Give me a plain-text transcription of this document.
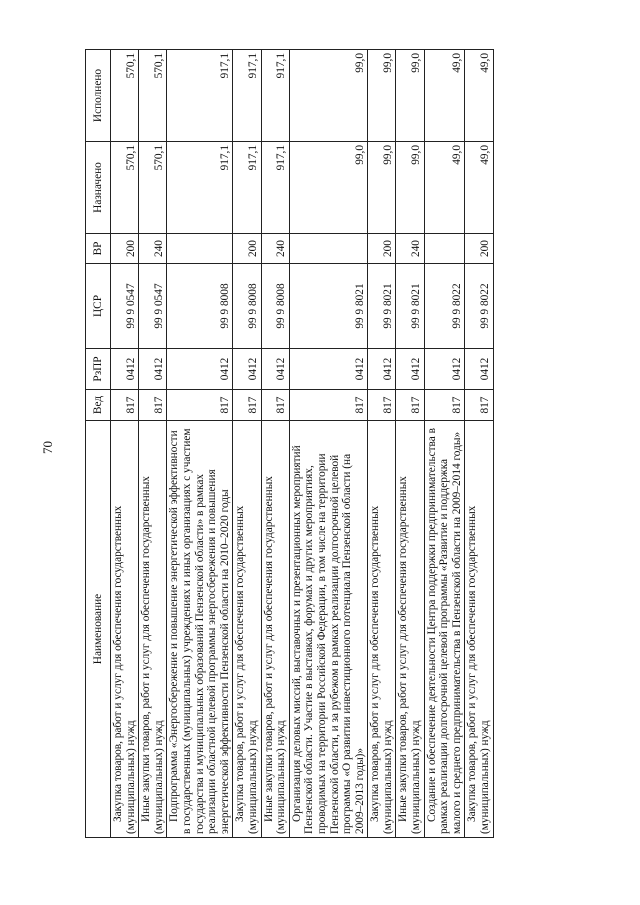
70
Наименование	Вед	РзПР	ЦСР	ВР	Назначено	Исполнено

Закупка товаров, работ и услуг для обеспечения государственных (муниципальных) нужд	817	0412	99 9 0547	200	570,1	570,1

Иные закупки товаров, работ и услуг для обеспечения государственных (муниципальных) нужд	817	0412	99 9 0547	240	570,1	570,1

Подпрограмма «Энергосбережение и повышение энергетической эффективности в государственных (муниципальных) учреждениях и иных организациях с участием государства и муниципальных образований Пензенской области» в рамках реализации областной целевой программы энергосбережения и повышения энергетической эффективности Пензенской области на 2010–2020 годы	817	0412	99 9 8008		917,1	917,1

Закупка товаров, работ и услуг для обеспечения государственных (муниципальных) нужд	817	0412	99 9 8008	200	917,1	917,1

Иные закупки товаров, работ и услуг для обеспечения государственных (муниципальных) нужд	817	0412	99 9 8008	240	917,1	917,1

Организация деловых миссий, выставочных и презентационных мероприятий Пензенской области. Участие в выставках, форумах и других мероприятиях, проводимых на территории Российской Федерации, в том числе на территории Пензенской области, и за рубежом в рамках реализации долгосрочной целевой программы «О развитии инвестиционного потенциала Пензенской области (на 2009–2013 годы)»	817	0412	99 9 8021		99,0	99,0

Закупка товаров, работ и услуг для обеспечения государственных (муниципальных) нужд	817	0412	99 9 8021	200	99,0	99,0

Иные закупки товаров, работ и услуг для обеспечения государственных (муниципальных) нужд	817	0412	99 9 8021	240	99,0	99,0

Создание и обеспечение деятельности Центра поддержки предпринимательства в рамках реализации долгосрочной целевой программы «Развитие и поддержка малого и среднего предпринимательства в Пензенской области на 2009–2014 годы»	817	0412	99 9 8022		49,0	49,0

Закупка товаров, работ и услуг для обеспечения государственных (муниципальных) нужд	817	0412	99 9 8022	200	49,0	49,0
